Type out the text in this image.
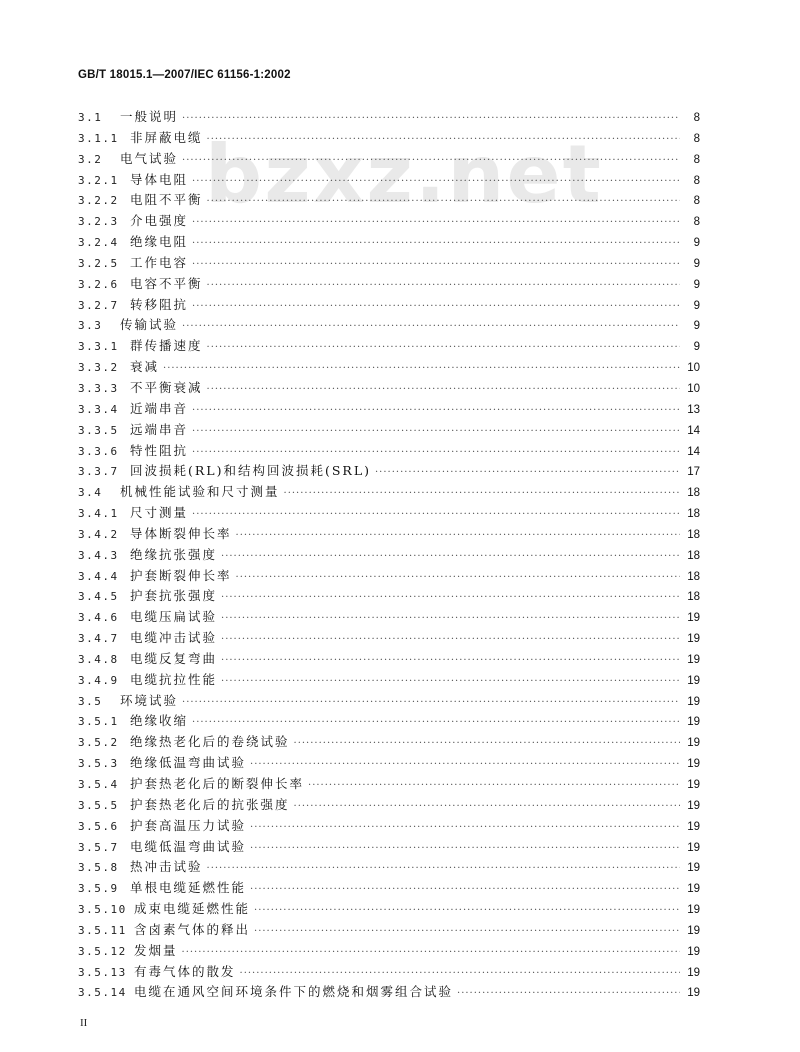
GB/T 18015.1—2007/IEC 61156-1:2002
bzxz.net
3.1	一般说明 ·····	8
3.1.1 非屏蔽电缆 ·····	8
3.2	电气试验 ·····	8
3.2.1 导体电阻 ·····	8
3.2.2 电阻不平衡 ·····	8
3.2.3 介电强度 ·····	8
3.2.4 绝缘电阻 ·····	9
3.2.5 工作电容 ·····	9
3.2.6 电容不平衡 ·····	9
3.2.7 转移阻抗 ·····	9
3.3	传输试验 ·····	9
3.3.1 群传播速度 ·····	9
3.3.2 衰减 ·····	10
3.3.3 不平衡衰减 ·····	10
3.3.4 近端串音 ·····	13
3.3.5 远端串音 ·····	14
3.3.6 特性阻抗 ·····	14
3.3.7 回波损耗(RL)和结构回波损耗(SRL) ·····	17
3.4	机械性能试验和尺寸测量 ·····	18
3.4.1 尺寸测量 ·····	18
3.4.2 导体断裂伸长率 ·····	18
3.4.3 绝缘抗张强度 ·····	18
3.4.4 护套断裂伸长率 ·····	18
3.4.5 护套抗张强度 ·····	18
3.4.6 电缆压扁试验 ·····	19
3.4.7 电缆冲击试验 ·····	19
3.4.8 电缆反复弯曲 ·····	19
3.4.9 电缆抗拉性能 ·····	19
3.5	环境试验 ·····	19
3.5.1 绝缘收缩 ·····	19
3.5.2 绝缘热老化后的卷绕试验 ·····	19
3.5.3 绝缘低温弯曲试验 ·····	19
3.5.4 护套热老化后的断裂伸长率 ·····	19
3.5.5 护套热老化后的抗张强度 ·····	19
3.5.6 护套高温压力试验 ·····	19
3.5.7 电缆低温弯曲试验 ·····	19
3.5.8 热冲击试验 ·····	19
3.5.9 单根电缆延燃性能 ·····	19
3.5.10 成束电缆延燃性能 ·····	19
3.5.11 含卤素气体的释出 ·····	19
3.5.12 发烟量 ·····	19
3.5.13 有毒气体的散发 ·····	19
3.5.14 电缆在通风空间环境条件下的燃烧和烟雾组合试验 ·····	19
II
